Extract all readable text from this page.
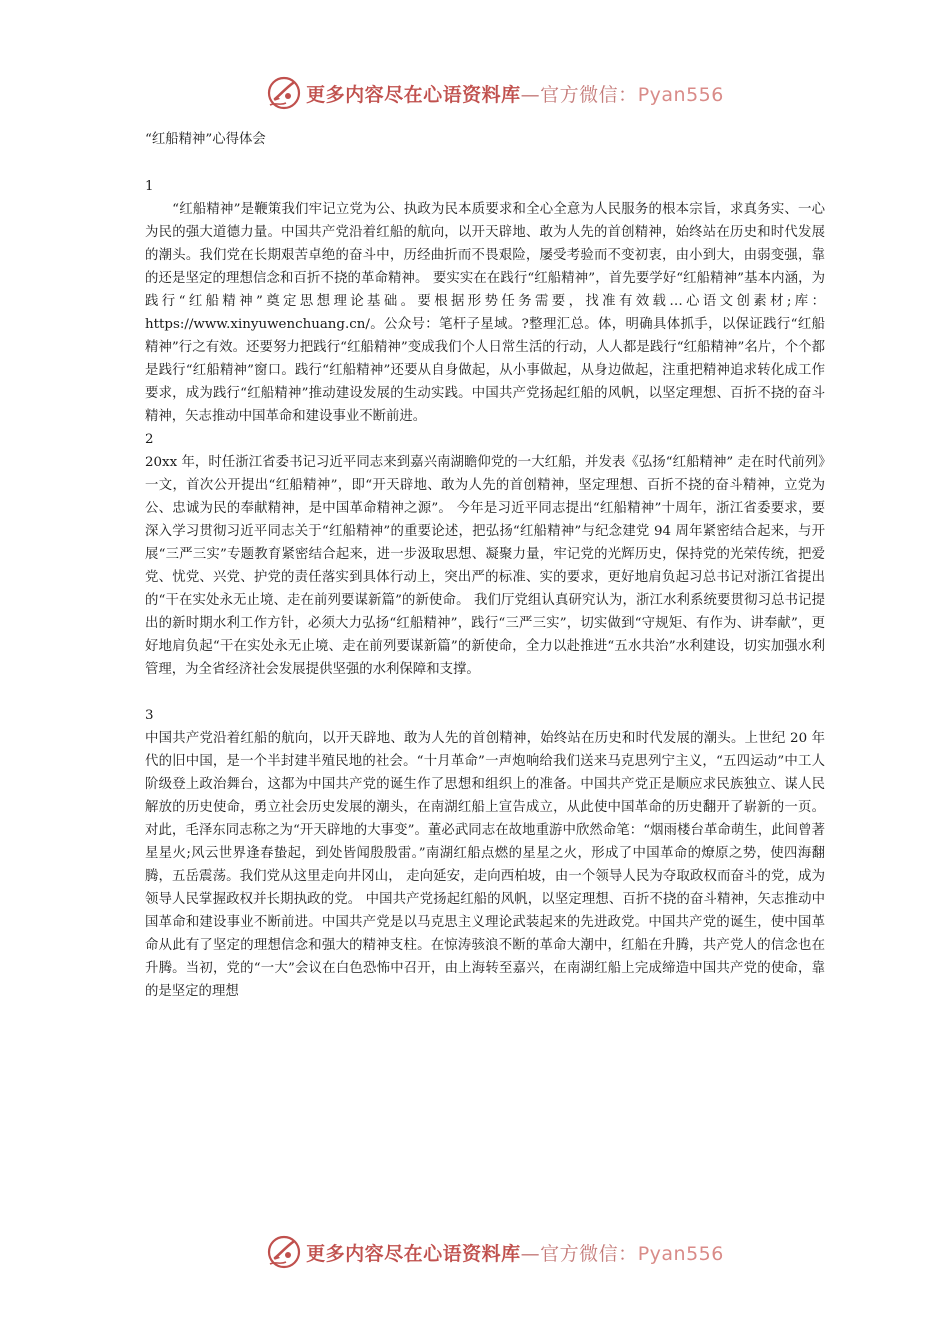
更多内容尽在心语资料库—官方微信：Pyan556

“红船精神”心得体会

1

　　“红船精神”是鞭策我们牢记立党为公、执政为民本质要求和全心全意为人民服务的根本宗旨，求真务实、一心为民的强大道德力量。中国共产党沿着红船的航向，以开天辟地、敢为人先的首创精神，始终站在历史和时代发展的潮头。我们党在长期艰苦卓绝的奋斗中，历经曲折而不畏艰险，屡受考验而不变初衷，由小到大，由弱变强，靠的还是坚定的理想信念和百折不挠的革命精神。 要实实在在践行“红船精神”，首先要学好“红船精神”基本内涵，为践行“红船精神”奠定思想理论基础。要根据形势任务需要，找准有效载…心语文创素材;库：https://www.xinyuwenchuang.cn/。公众号：笔杆子星域。?整理汇总。体，明确具体抓手，以保证践行“红船精神”行之有效。还要努力把践行“红船精神”变成我们个人日常生活的行动，人人都是践行“红船精神”名片，个个都是践行“红船精神”窗口。践行“红船精神”还要从自身做起，从小事做起，从身边做起，注重把精神追求转化成工作要求，成为践行“红船精神”推动建设发展的生动实践。中国共产党扬起红船的风帆，以坚定理想、百折不挠的奋斗精神，矢志推动中国革命和建设事业不断前进。

2

20xx 年，时任浙江省委书记习近平同志来到嘉兴南湖瞻仰党的一大红船，并发表《弘扬“红船精神” 走在时代前列》一文，首次公开提出“红船精神”，即“开天辟地、敢为人先的首创精神，坚定理想、百折不挠的奋斗精神，立党为公、忠诚为民的奉献精神，是中国革命精神之源”。 今年是习近平同志提出“红船精神”十周年，浙江省委要求，要深入学习贯彻习近平同志关于“红船精神”的重要论述，把弘扬“红船精神”与纪念建党 94 周年紧密结合起来，与开展“三严三实”专题教育紧密结合起来，进一步汲取思想、凝聚力量，牢记党的光辉历史，保持党的光荣传统，把爱党、忧党、兴党、护党的责任落实到具体行动上，突出严的标准、实的要求，更好地肩负起习总书记对浙江省提出的“干在实处永无止境、走在前列要谋新篇”的新使命。 我们厅党组认真研究认为，浙江水利系统要贯彻习总书记提出的新时期水利工作方针，必须大力弘扬“红船精神”，践行“三严三实”，切实做到“守规矩、有作为、讲奉献”，更好地肩负起“干在实处永无止境、走在前列要谋新篇”的新使命，全力以赴推进“五水共治”水利建设，切实加强水利管理，为全省经济社会发展提供坚强的水利保障和支撑。

3

中国共产党沿着红船的航向，以开天辟地、敢为人先的首创精神，始终站在历史和时代发展的潮头。上世纪 20 年代的旧中国，是一个半封建半殖民地的社会。“十月革命”一声炮响给我们送来马克思列宁主义，“五四运动”中工人阶级登上政治舞台，这都为中国共产党的诞生作了思想和组织上的准备。中国共产党正是顺应求民族独立、谋人民解放的历史使命，勇立社会历史发展的潮头，在南湖红船上宣告成立，从此使中国革命的历史翻开了崭新的一页。对此，毛泽东同志称之为“开天辟地的大事变”。董必武同志在故地重游中欣然命笔：“烟雨楼台革命萌生，此间曾著星星火;风云世界逢春蛰起，到处皆闻殷殷雷。”南湖红船点燃的星星之火，形成了中国革命的燎原之势，使四海翻腾，五岳震荡。我们党从这里走向井冈山， 走向延安，走向西柏坡，由一个领导人民为夺取政权而奋斗的党，成为领导人民掌握政权并长期执政的党。 中国共产党扬起红船的风帆，以坚定理想、百折不挠的奋斗精神，矢志推动中国革命和建设事业不断前进。中国共产党是以马克思主义理论武装起来的先进政党。中国共产党的诞生，使中国革命从此有了坚定的理想信念和强大的精神支柱。在惊涛骇浪不断的革命大潮中，红船在升腾，共产党人的信念也在升腾。当初，党的“一大”会议在白色恐怖中召开，由上海转至嘉兴，在南湖红船上完成缔造中国共产党的使命，靠的是坚定的理想

更多内容尽在心语资料库—官方微信：Pyan556
